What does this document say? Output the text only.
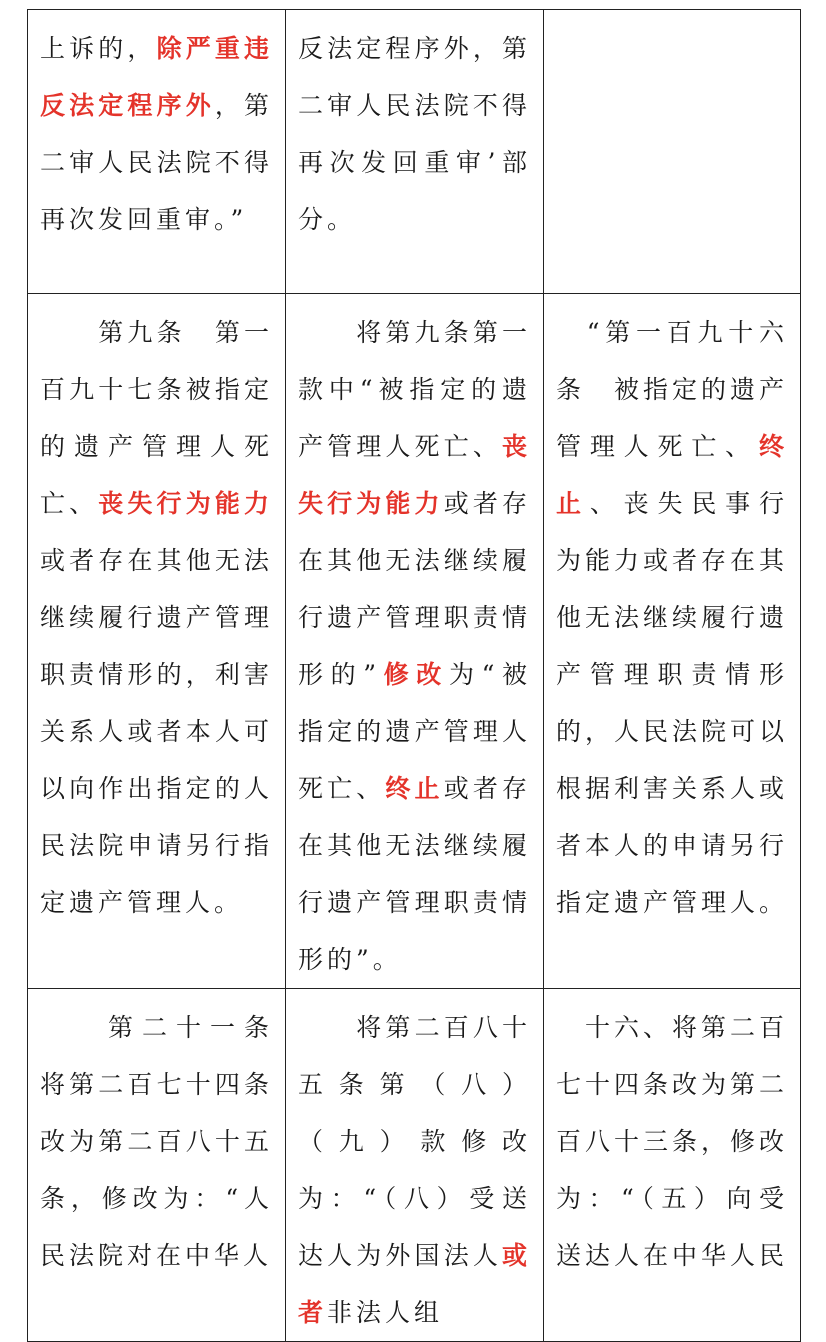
上诉的，除严重违反法定程序外，第二审人民法院不得再次发回重审。”	反法定程序外，第二审人民法院不得再次发回重审’部分。	

　　第九条　第一百九十七条被指定的遗产管理人死亡、丧失行为能力或者存在其他无法继续履行遗产管理职责情形的，利害关系人或者本人可以向作出指定的人民法院申请另行指定遗产管理人。	　　将第九条第一款中“被指定的遗产管理人死亡、丧失行为能力或者存在其他无法继续履行遗产管理职责情形的”修改为“被指定的遗产管理人死亡、终止或者存在其他无法继续履行遗产管理职责情形的”。	　“第一百九十六条　被指定的遗产管理人死亡、终止、丧失民事行为能力或者存在其他无法继续履行遗产管理职责情形的，人民法院可以根据利害关系人或者本人的申请另行指定遗产管理人。

　　第二十一条　将第二百七十四条改为第二百八十五条，修改为：“人民法院对在中华人	　　将第二百八十五条第（八）（九）款修改为：“（八）受送达人为外国法人或者非法人组	　十六、将第二百七十四条改为第二百八十三条，修改为：“（五）向受送达人在中华人民
